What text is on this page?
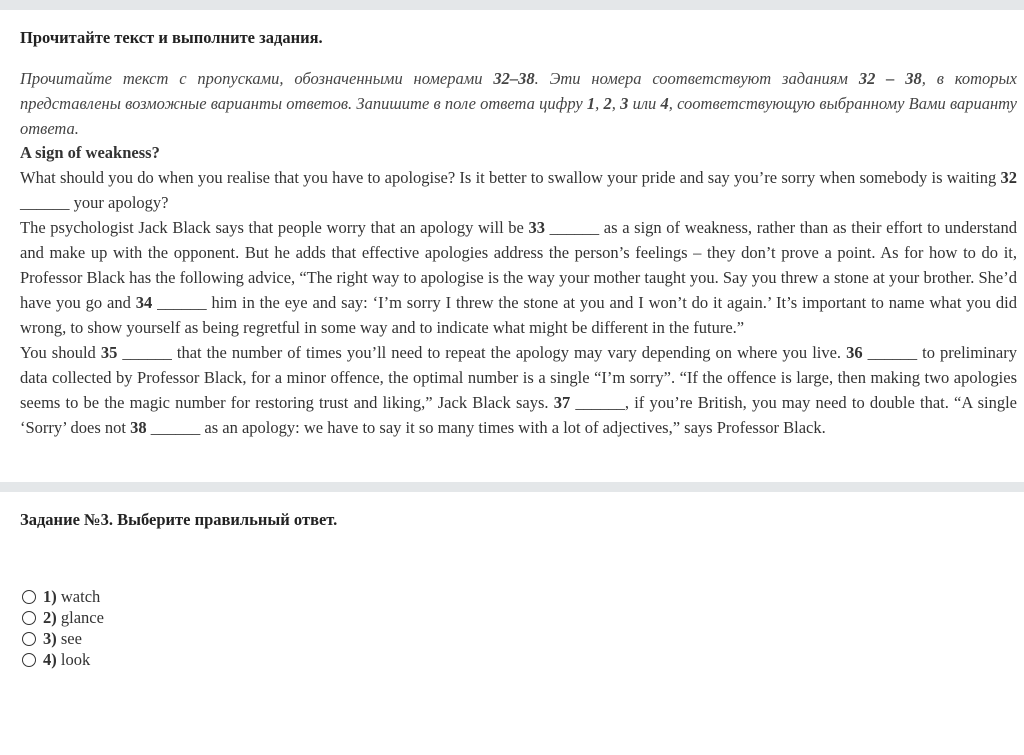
Прочитайте текст и выполните задания.

Прочитайте текст с пропусками, обозначенными номерами 32–38. Эти номера соответствуют заданиям 32 – 38, в которых представлены возможные варианты ответов. Запишите в поле ответа цифру 1, 2, 3 или 4, соответствующую выбранному Вами варианту ответа.

A sign of weakness?

What should you do when you realise that you have to apologise? Is it better to swallow your pride and say you’re sorry when somebody is waiting 32 ______ your apology?

The psychologist Jack Black says that people worry that an apology will be 33 ______ as a sign of weakness, rather than as their effort to understand and make up with the opponent. But he adds that effective apologies address the person’s feelings – they don’t prove a point. As for how to do it, Professor Black has the following advice, “The right way to apologise is the way your mother taught you. Say you threw a stone at your brother. She’d have you go and 34 ______ him in the eye and say: ‘I’m sorry I threw the stone at you and I won’t do it again.’ It’s important to name what you did wrong, to show yourself as being regretful in some way and to indicate what might be different in the future.”

You should 35 ______ that the number of times you’ll need to repeat the apology may vary depending on where you live. 36 ______ to preliminary data collected by Professor Black, for a minor offence, the optimal number is a single “I’m sorry”. “If the offence is large, then making two apologies seems to be the magic number for restoring trust and liking,” Jack Black says. 37 ______, if you’re British, you may need to double that. “A single ‘Sorry’ does not 38 ______ as an apology: we have to say it so many times with a lot of adjectives,” says Professor Black.

Задание №3. Выберите правильный ответ.
1)
watch
2)
glance
3)
see
4)
look
